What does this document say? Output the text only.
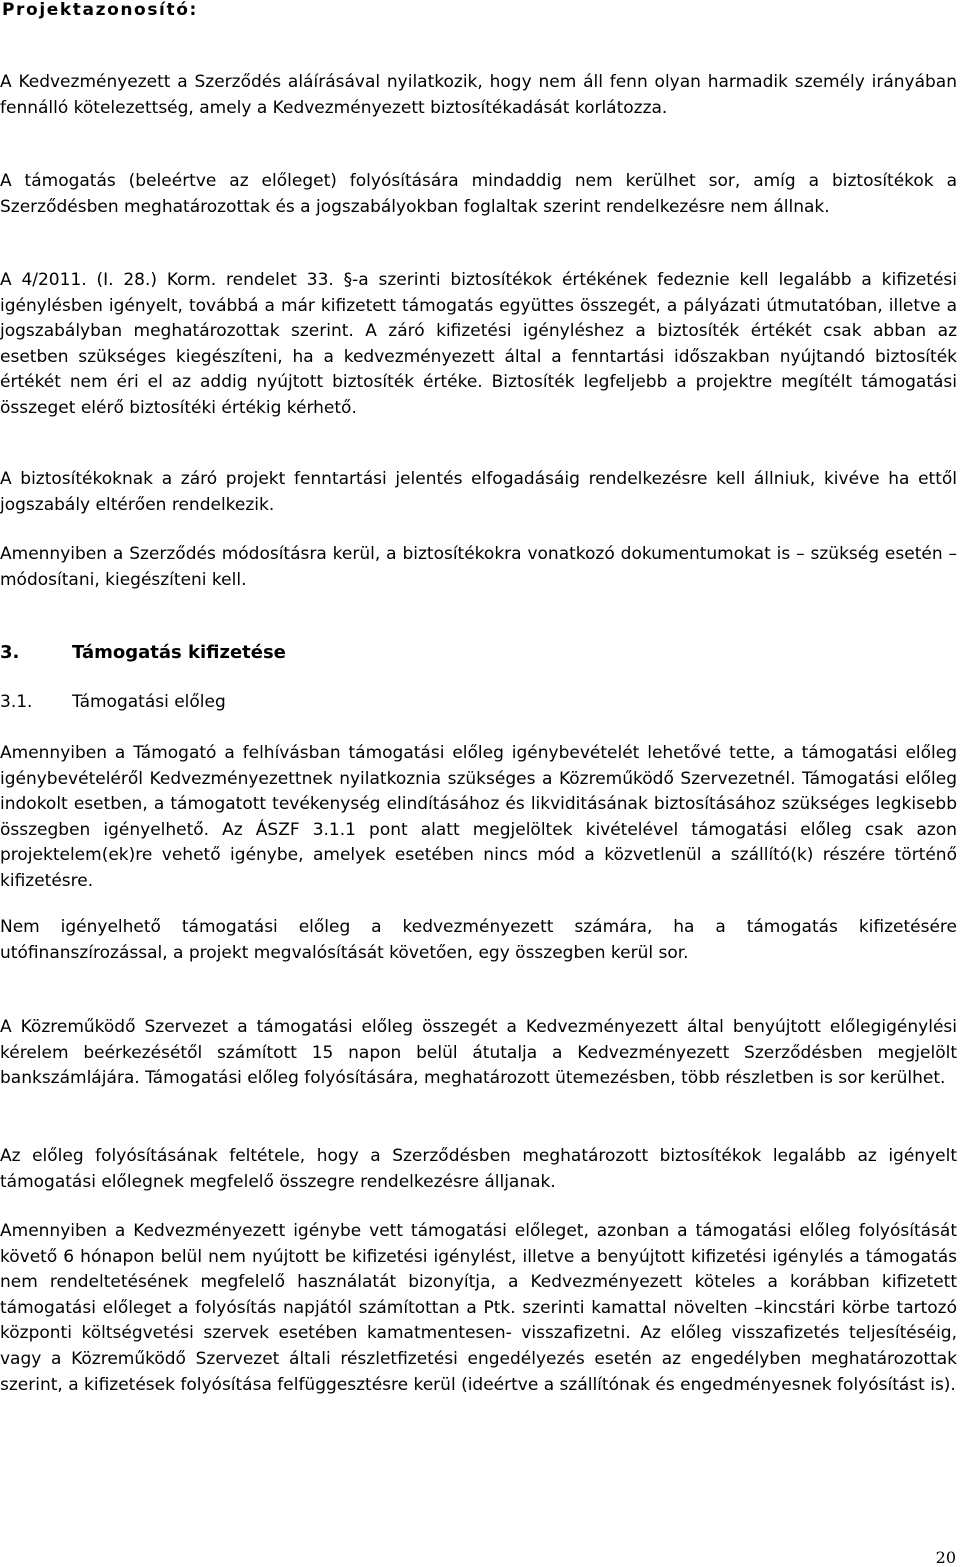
Projektazonosító:

A Kedvezményezett a Szerződés aláírásával nyilatkozik, hogy nem áll fenn olyan harmadik személy irányában fennálló kötelezettség, amely a Kedvezményezett biztosítékadását korlátozza.

A támogatás (beleértve az előleget) folyósítására mindaddig nem kerülhet sor, amíg a biztosítékok a Szerződésben meghatározottak és a jogszabályokban foglaltak szerint rendelkezésre nem állnak.

A 4/2011. (I. 28.) Korm. rendelet 33. §-a szerinti biztosítékok értékének fedeznie kell legalább a kifizetési igénylésben igényelt, továbbá a már kifizetett támogatás együttes összegét, a pályázati útmutatóban, illetve a jogszabályban meghatározottak szerint. A záró kifizetési igényléshez a biztosíték értékét csak abban az esetben szükséges kiegészíteni, ha a kedvezményezett által a fenntartási időszakban nyújtandó biztosíték értékét nem éri el az addig nyújtott biztosíték értéke. Biztosíték legfeljebb a projektre megítélt támogatási összeget elérő biztosítéki értékig kérhető.

A biztosítékoknak a záró projekt fenntartási jelentés elfogadásáig rendelkezésre kell állniuk, kivéve ha ettől jogszabály eltérően rendelkezik.

Amennyiben a Szerződés módosításra kerül, a biztosítékokra vonatkozó dokumentumokat is – szükség esetén – módosítani, kiegészíteni kell.

3.	Támogatás kifizetése
3.1. Támogatási előleg

Amennyiben a Támogató a felhívásban támogatási előleg igénybevételét lehetővé tette, a támogatási előleg igénybevételéről Kedvezményezettnek nyilatkoznia szükséges a Közreműködő Szervezetnél. Támogatási előleg indokolt esetben, a támogatott tevékenység elindításához és likviditásának biztosításához szükséges legkisebb összegben igényelhető. Az ÁSZF 3.1.1 pont alatt megjelöltek kivételével támogatási előleg csak azon projektelem(ek)re vehető igénybe, amelyek esetében nincs mód a közvetlenül a szállító(k) részére történő kifizetésre.

Nem igényelhető támogatási előleg a kedvezményezett számára, ha a támogatás kifizetésére utófinanszírozással, a projekt megvalósítását követően, egy összegben kerül sor.

A Közreműködő Szervezet a támogatási előleg összegét a Kedvezményezett által benyújtott előlegigénylési kérelem beérkezésétől számított 15 napon belül átutalja a Kedvezményezett Szerződésben megjelölt bankszámlájára. Támogatási előleg folyósítására, meghatározott ütemezésben, több részletben is sor kerülhet.

Az előleg folyósításának feltétele, hogy a Szerződésben meghatározott biztosítékok legalább az igényelt támogatási előlegnek megfelelő összegre rendelkezésre álljanak.

Amennyiben a Kedvezményezett igénybe vett támogatási előleget, azonban a támogatási előleg folyósítását követő 6 hónapon belül nem nyújtott be kifizetési igénylést, illetve a benyújtott kifizetési igénylés a támogatás nem rendeltetésének megfelelő használatát bizonyítja, a Kedvezményezett köteles a korábban kifizetett támogatási előleget a folyósítás napjától számítottan a Ptk. szerinti kamattal növelten –kincstári körbe tartozó központi költségvetési szervek esetében kamatmentesen- visszafizetni. Az előleg visszafizetés teljesítéséig, vagy a Közreműködő Szervezet általi részletfizetési engedélyezés esetén az engedélyben meghatározottak szerint, a kifizetések folyósítása felfüggesztésre kerül (ideértve a szállítónak és engedményesnek folyósítást is).

20
